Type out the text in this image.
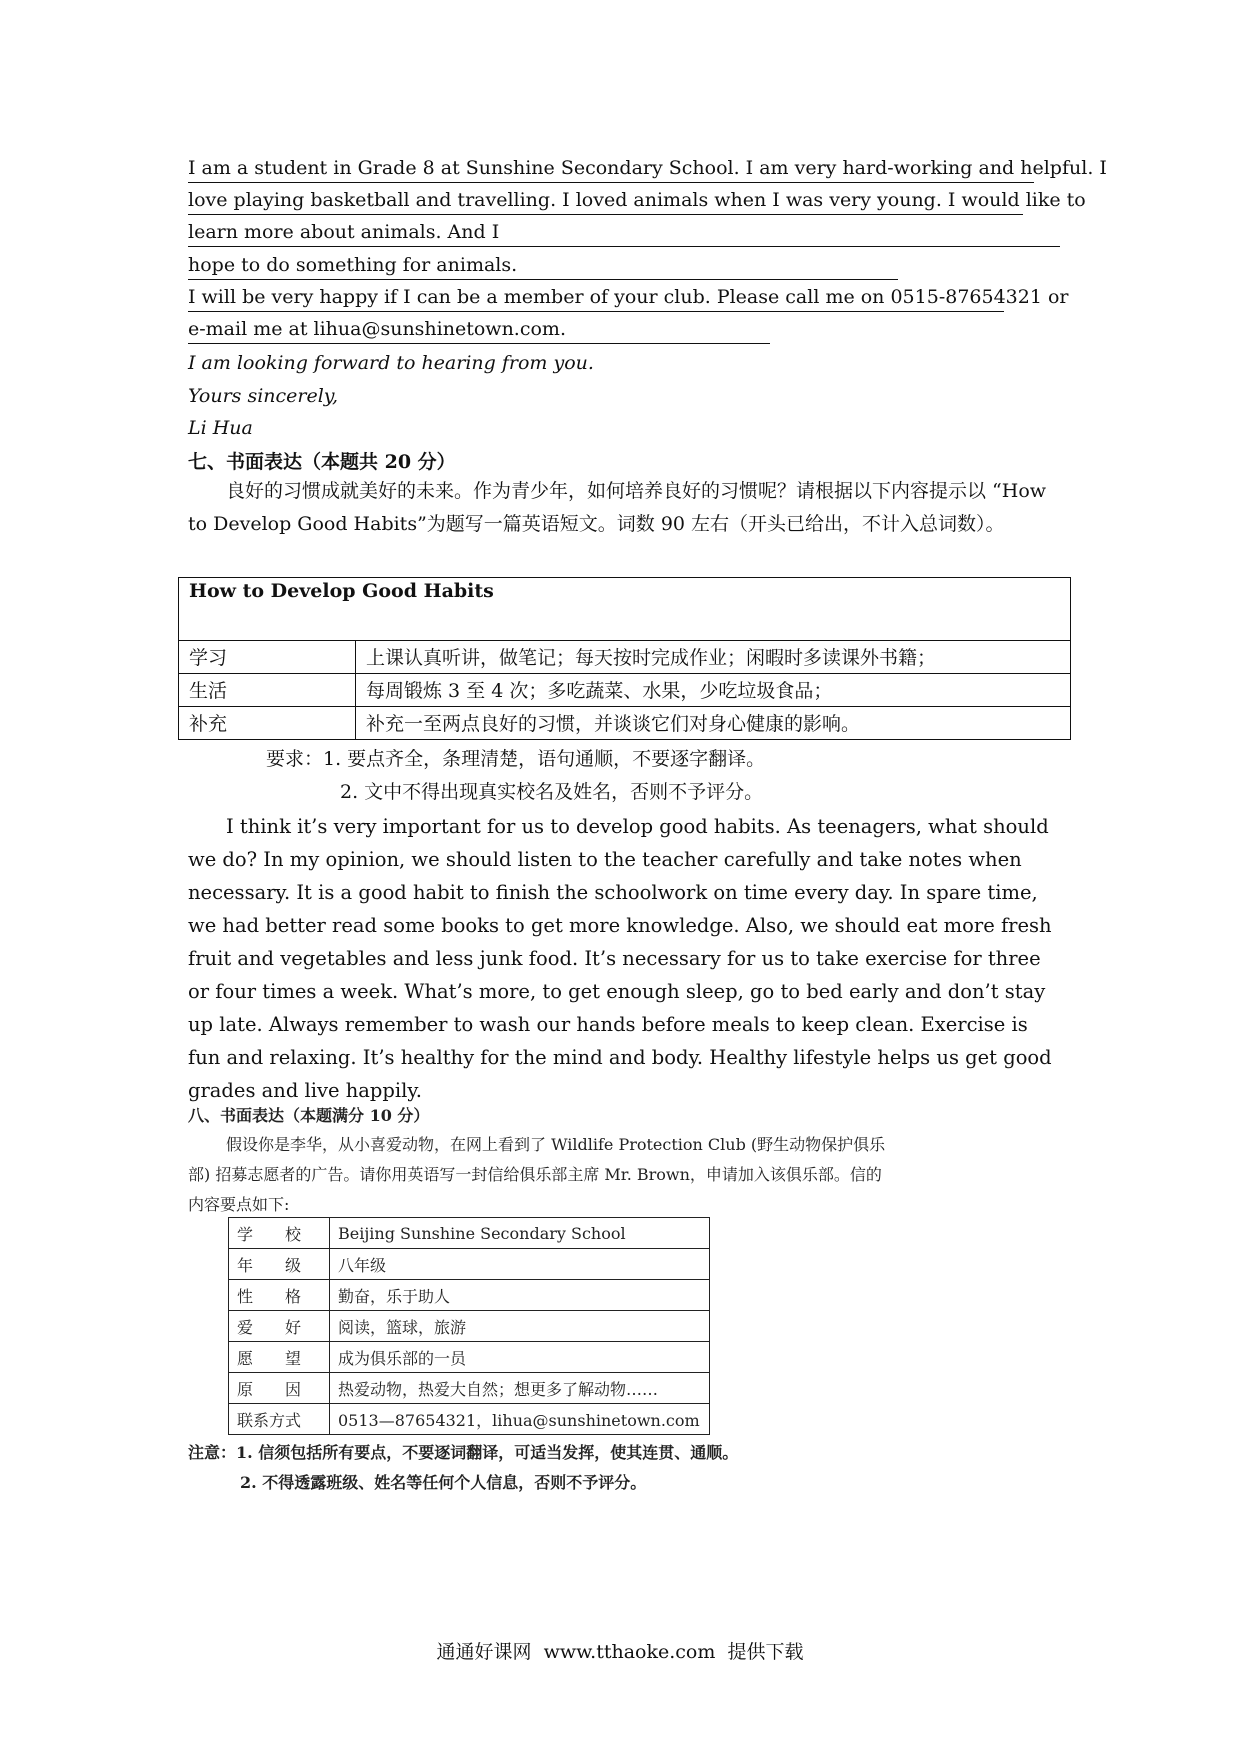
I am a student in Grade 8 at Sunshine Secondary School. I am very hard-working and helpful. I
love playing basketball and travelling. I loved animals when I was very young. I would like to
learn more about animals. And I
hope to do something for animals.
I will be very happy if I can be a member of your club. Please call me on 0515-87654321 or
e-mail me at lihua@sunshinetown.com.
I am looking forward to hearing from you.
Yours sincerely,
Li Hua
七、书面表达（本题共 20 分）
良好的习惯成就美好的未来。作为青少年，如何培养良好的习惯呢？请根据以下内容提示以 “How to Develop Good Habits”为题写一篇英语短文。词数 90 左右（开头已给出，不计入总词数）。
How to Develop Good Habits	
学习	上课认真听讲，做笔记；每天按时完成作业；闲暇时多读课外书籍；
生活	每周锻炼 3 至 4 次；多吃蔬菜、水果，少吃垃圾食品；
补充	补充一至两点良好的习惯，并谈谈它们对身心健康的影响。
要求：1. 要点齐全，条理清楚，语句通顺，不要逐字翻译。
2. 文中不得出现真实校名及姓名，否则不予评分。
I think it’s very important for us to develop good habits. As teenagers, what should we do? In my opinion, we should listen to the teacher carefully and take notes when necessary. It is a good habit to finish the schoolwork on time every day. In spare time, we had better read some books to get more knowledge. Also, we should eat more fresh fruit and vegetables and less junk food. It’s necessary for us to take exercise for three or four times a week. What’s more, to get enough sleep, go to bed early and don’t stay up late. Always remember to wash our hands before meals to keep clean. Exercise is fun and relaxing. It’s healthy for the mind and body. Healthy lifestyle helps us get good grades and live happily.
八、书面表达（本题满分 10 分）
假设你是李华，从小喜爱动物，在网上看到了 Wildlife Protection Club (野生动物保护俱乐部) 招募志愿者的广告。请你用英语写一封信给俱乐部主席 Mr. Brown，申请加入该俱乐部。信的内容要点如下:
学　　校	Beijing Sunshine Secondary School
年　　级	八年级
性　　格	勤奋，乐于助人
爱　　好	阅读，篮球，旅游
愿　　望	成为俱乐部的一员
原　　因	热爱动物，热爱大自然；想更多了解动物……
联系方式	0513—87654321，lihua@sunshinetown.com
注意：1. 信须包括所有要点，不要逐词翻译，可适当发挥，使其连贯、通顺。
2. 不得透露班级、姓名等任何个人信息，否则不予评分。
通通好课网  www.tthaoke.com  提供下载
